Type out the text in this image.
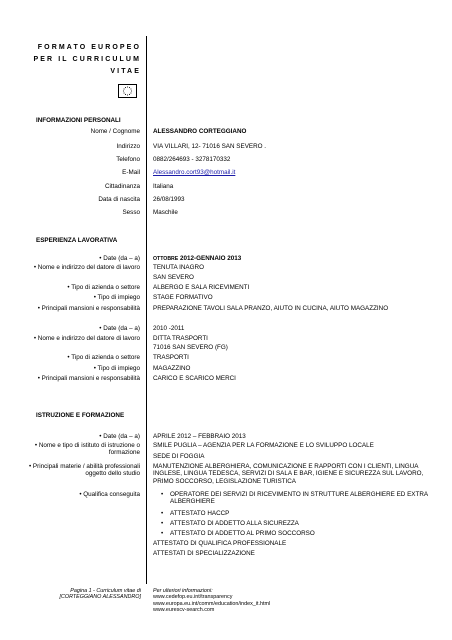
FORMATO EUROPEO
PER IL CURRICULUM
VITAE
INFORMAZIONI PERSONALI
Nome / Cognome ALESSANDRO CORTEGGIANO
Indirizzo VIA VILLARI, 12- 71016 SAN SEVERO .
Telefono 0882/264693 - 3278170332
E-Mail Alessandro.cort93@hotmail.it
Cittadinanza Italiana
Data di nascita 26/08/1993
Sesso Maschile
ESPERIENZA LAVORATIVA
• Date (da – a)	OTTOBRE 2012-GENNAIO 2013
• Nome e indirizzo del datore di lavoro TENUTA INAGRO
SAN SEVERO
• Tipo di azienda o settore ALBERGO E SALA RICEVIMENTI
• Tipo di impiego STAGE FORMATIVO
• Principali mansioni e responsabilità PREPARAZIONE TAVOLI SALA PRANZO, AIUTO IN CUCINA, AIUTO MAGAZZINO
• Date (da – a) 2010 -2011
• Nome e indirizzo del datore di lavoro DITTA TRASPORTI
71016 SAN SEVERO (FG)
• Tipo di azienda o settore TRASPORTI
• Tipo di impiego MAGAZZINO
• Principali mansioni e responsabilità CARICO E SCARICO MERCI
ISTRUZIONE E FORMAZIONE
• Date (da – a) APRILE 2012 – FEBBRAIO 2013
• Nome e tipo di istituto di istruzione o formazione
SMILE PUGLIA – AGENZIA PER LA FORMAZIONE E LO SVILUPPO LOCALE
SEDE DI FOGGIA
• Principali materie / abilità professionali oggetto dello studio
MANUTENZIONE ALBERGHIERA, COMUNICAZIONE E RAPPORTI CON I CLIENTI, LINGUA INGLESE, LINGUA TEDESCA, SERVIZI DI SALA E BAR, IGIENE E SICUREZZA SUL LAVORO, PRIMO SOCCORSO, LEGISLAZIONE TURISTICA
• Qualifica conseguita	• OPERATORE DEI SERVIZI DI RICEVIMENTO IN STRUTTURE ALBERGHIERE ED EXTRA ALBERGHIERE
• ATTESTATO HACCP
• ATTESTATO DI ADDETTO ALLA SICUREZZA
• ATTESTATO DI ADDETTO AL PRIMO SOCCORSO
ATTESTATO DI QUALIFICA PROFESSIONALE
ATTESTATI DI SPECIALIZZAZIONE
Pagina 1 - Curriculum vitae di
[CORTEGGIANO ALESSANDRO]
Per ulteriori informazioni:
www.cedefop.eu.int/transparency
www.europa.eu.int/comm/education/index_it.html
www.eurescv-search.com
